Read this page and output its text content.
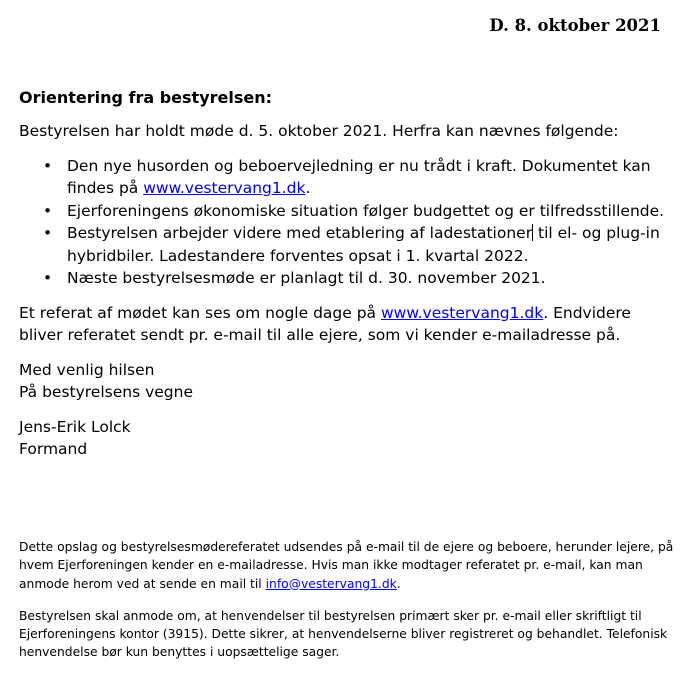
D. 8. oktober 2021

Orientering fra bestyrelsen:

Bestyrelsen har holdt møde d. 5. oktober 2021. Herfra kan nævnes følgende:

• Den nye husorden og beboervejledning er nu trådt i kraft. Dokumentet kan findes på www.vestervang1.dk.
• Ejerforeningens økonomiske situation følger budgettet og er tilfredsstillende.
• Bestyrelsen arbejder videre med etablering af ladestationer til el- og plug-in hybridbiler. Ladestandere forventes opsat i 1. kvartal 2022.
• Næste bestyrelsesmøde er planlagt til d. 30. november 2021.

Et referat af mødet kan ses om nogle dage på www.vestervang1.dk. Endvidere bliver referatet sendt pr. e-mail til alle ejere, som vi kender e-mailadresse på.

Med venlig hilsen
På bestyrelsens vegne

Jens-Erik Lolck
Formand

Dette opslag og bestyrelsesmødereferatet udsendes på e-mail til de ejere og beboere, herunder lejere, på hvem Ejerforeningen kender en e-mailadresse. Hvis man ikke modtager referatet pr. e-mail, kan man anmode herom ved at sende en mail til info@vestervang1.dk.

Bestyrelsen skal anmode om, at henvendelser til bestyrelsen primært sker pr. e-mail eller skriftligt til Ejerforeningens kontor (3915). Dette sikrer, at henvendelserne bliver registreret og behandlet. Telefonisk henvendelse bør kun benyttes i uopsættelige sager.
